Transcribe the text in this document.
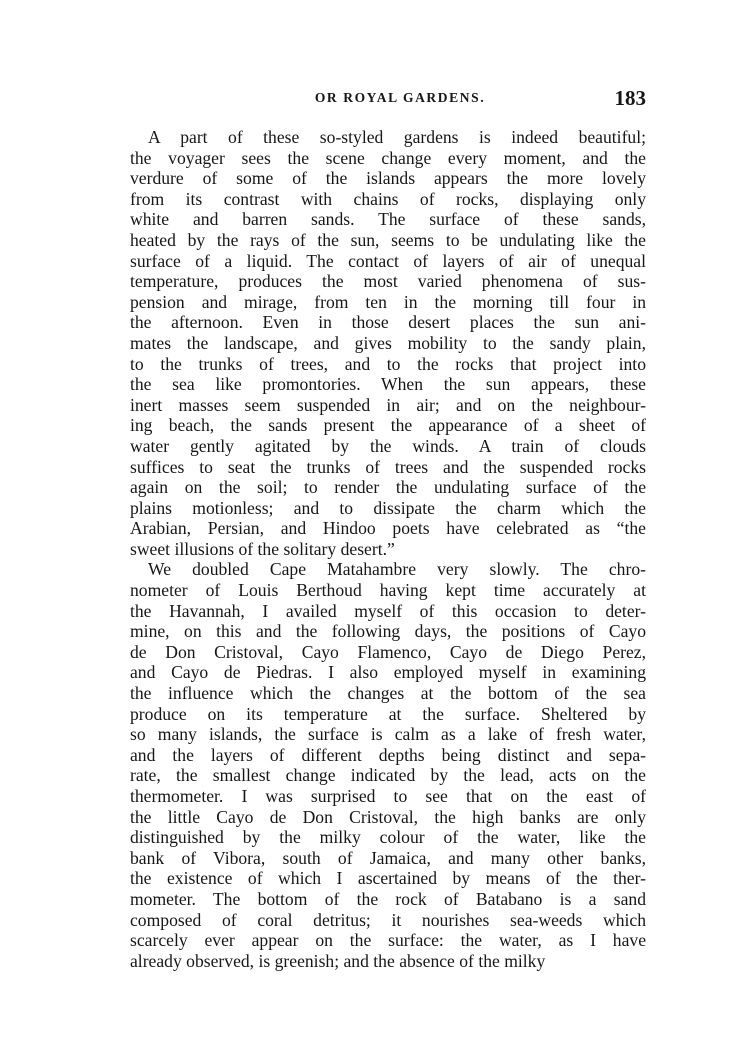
OR ROYAL GARDENS.	183
A part of these so-styled gardens is indeed beautiful;
the voyager sees the scene change every moment, and the
verdure of some of the islands appears the more lovely
from its contrast with chains of rocks, displaying only
white and barren sands. The surface of these sands,
heated by the rays of the sun, seems to be undulating like the
surface of a liquid. The contact of layers of air of unequal
temperature, produces the most varied phenomena of sus-
pension and mirage, from ten in the morning till four in
the afternoon. Even in those desert places the sun ani-
mates the landscape, and gives mobility to the sandy plain,
to the trunks of trees, and to the rocks that project into
the sea like promontories. When the sun appears, these
inert masses seem suspended in air; and on the neighbour-
ing beach, the sands present the appearance of a sheet of
water gently agitated by the winds. A train of clouds
suffices to seat the trunks of trees and the suspended rocks
again on the soil; to render the undulating surface of the
plains motionless; and to dissipate the charm which the
Arabian, Persian, and Hindoo poets have celebrated as “the
sweet illusions of the solitary desert.”
We doubled Cape Matahambre very slowly. The chro-
nometer of Louis Berthoud having kept time accurately at
the Havannah, I availed myself of this occasion to deter-
mine, on this and the following days, the positions of Cayo
de Don Cristoval, Cayo Flamenco, Cayo de Diego Perez,
and Cayo de Piedras. I also employed myself in examining
the influence which the changes at the bottom of the sea
produce on its temperature at the surface. Sheltered by
so many islands, the surface is calm as a lake of fresh water,
and the layers of different depths being distinct and sepa-
rate, the smallest change indicated by the lead, acts on the
thermometer. I was surprised to see that on the east of
the little Cayo de Don Cristoval, the high banks are only
distinguished by the milky colour of the water, like the
bank of Vibora, south of Jamaica, and many other banks,
the existence of which I ascertained by means of the ther-
mometer. The bottom of the rock of Batabano is a sand
composed of coral detritus; it nourishes sea-weeds which
scarcely ever appear on the surface: the water, as I have
already observed, is greenish; and the absence of the milky
